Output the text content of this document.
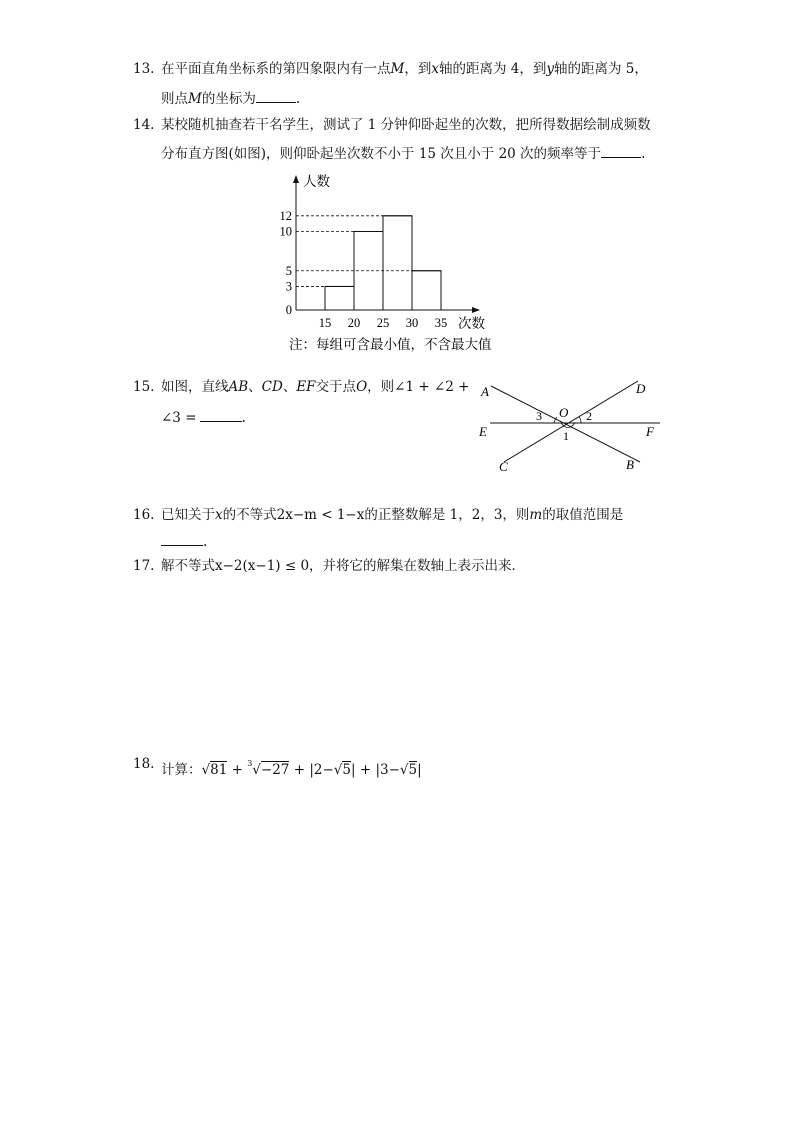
13. 在平面直角坐标系的第四象限内有一点M，到x轴的距离为 4，到y轴的距离为 5，
则点M的坐标为	.
14. 某校随机抽查若干名学生，测试了 1 分钟仰卧起坐的次数，把所得数据绘制成频数
分布直方图(如图)，则仰卧起坐次数不小于 15 次且小于 20 次的频率等于	.
0
3
5
10
12
15 20 25 30 35
人数
次数
注：每组可含最小值，不含最大值
15. 如图，直线AB、CD、EF交于点O，则∠1 + ∠2 +
∠3 =	.
A	D
E	F
C	B
O
1
2
3
16. 已知关于x的不等式2x−m < 1−x的正整数解是 1，2，3，则m的取值范围是
.
17. 解不等式x−2(x−1) ≤ 0，并将它的解集在数轴上表示出来．
18. 计算：√81 + $^3$√−27 + |2−√5| + |3−√5|
